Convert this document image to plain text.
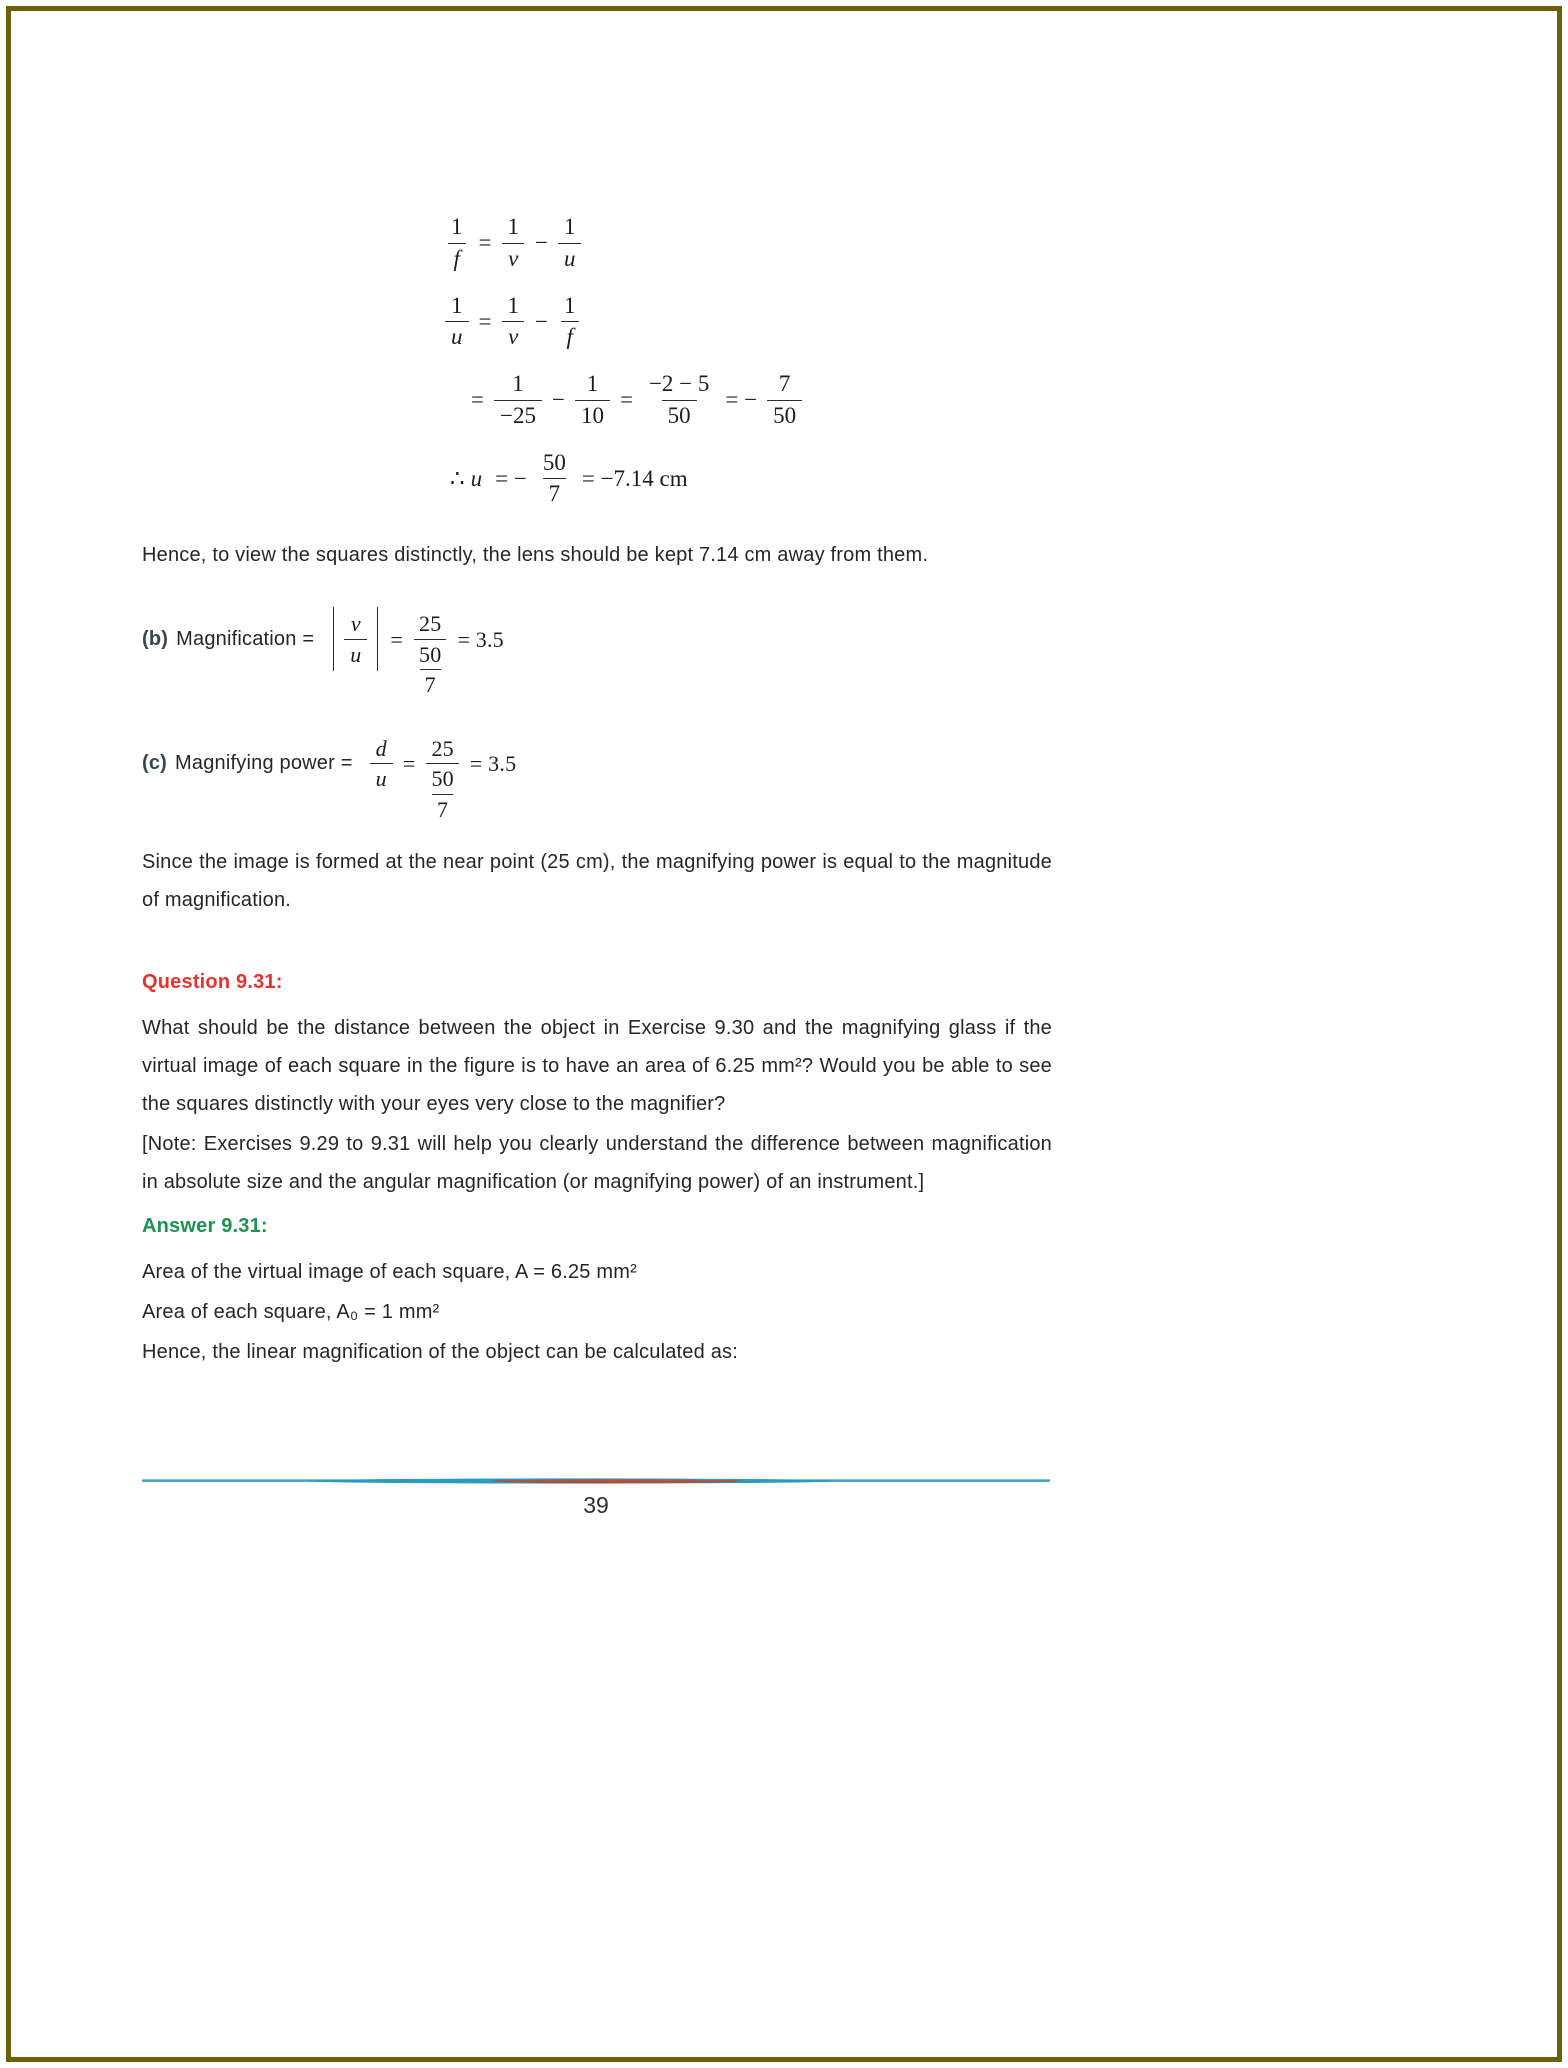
$\frac{1}{f} = \frac{1}{v} - \frac{1}{u}$
$\frac{1}{u} = \frac{1}{v} - \frac{1}{f}$
= $\frac{1}{-25} - \frac{1}{10} = \frac{-2 - 5}{50}$ = − $\frac{7}{50}$
∴ u = − $\frac{50}{7} = -7.14$ cm

Hence, to view the squares distinctly, the lens should be kept 7.14 cm away from them.

(b) Magnification = $\frac{v}{u} = \frac{25}{\frac{50}{7}} = 3.5$
(c) Magnifying power = $\frac{d}{u} = \frac{25}{\frac{50}{7}} = 3.5$

Since the image is formed at the near point (25 cm), the magnifying power is equal to the magnitude of magnification.

Question 9.31:

What should be the distance between the object in Exercise 9.30 and the magnifying glass if the virtual image of each square in the figure is to have an area of 6.25 mm²? Would you be able to see the squares distinctly with your eyes very close to the magnifier?

[Note: Exercises 9.29 to 9.31 will help you clearly understand the difference between magnification in absolute size and the angular magnification (or magnifying power) of an instrument.]

Answer 9.31:

Area of the virtual image of each square, A = 6.25 mm²

Area of each square, A₀ = 1 mm²

Hence, the linear magnification of the object can be calculated as:

39
